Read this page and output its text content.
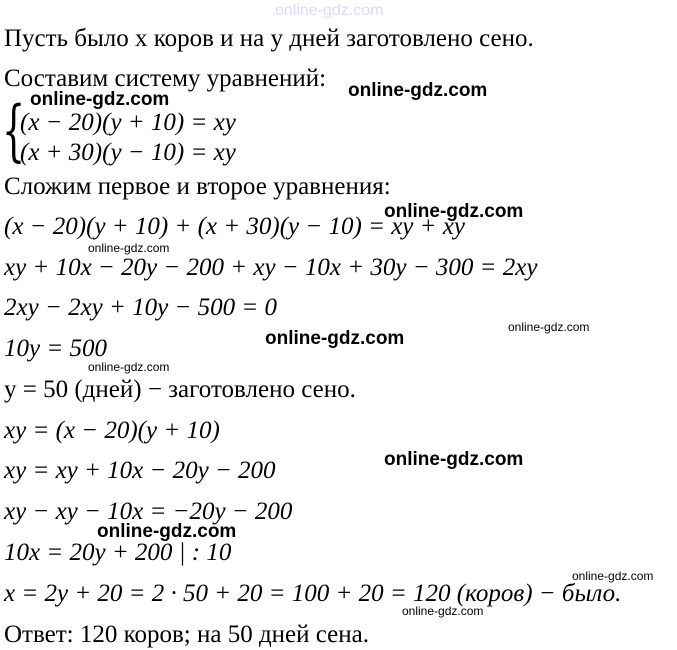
online-gdz.com
Пусть было x коров и на y дней заготовлено сено.
Составим систему уравнений:
{
(x − 20)(y + 10) = xy
(x + 30)(y − 10) = xy
Сложим первое и второе уравнения:
(x − 20)(y + 10) + (x + 30)(y − 10) = xy + xy
xy + 10x − 20y − 200 + xy − 10x + 30y − 300 = 2xy
2xy − 2xy + 10y − 500 = 0
10y = 500
y = 50 (дней) − заготовлено сено.
xy = (x − 20)(y + 10)
xy = xy + 10x − 20y − 200
xy − xy − 10x = −20y − 200
10x = 20y + 200 | : 10
x = 2y + 20 = 2 · 50 + 20 = 100 + 20 = 120 (коров) − было.
Ответ: 120 коров; на 50 дней сена.
online-gdz.com
online-gdz.com
online-gdz.com
online-gdz.com
online-gdz.com
online-gdz.com
online-gdz.com
online-gdz.com
online-gdz.com
online-gdz.com
online-gdz.com
